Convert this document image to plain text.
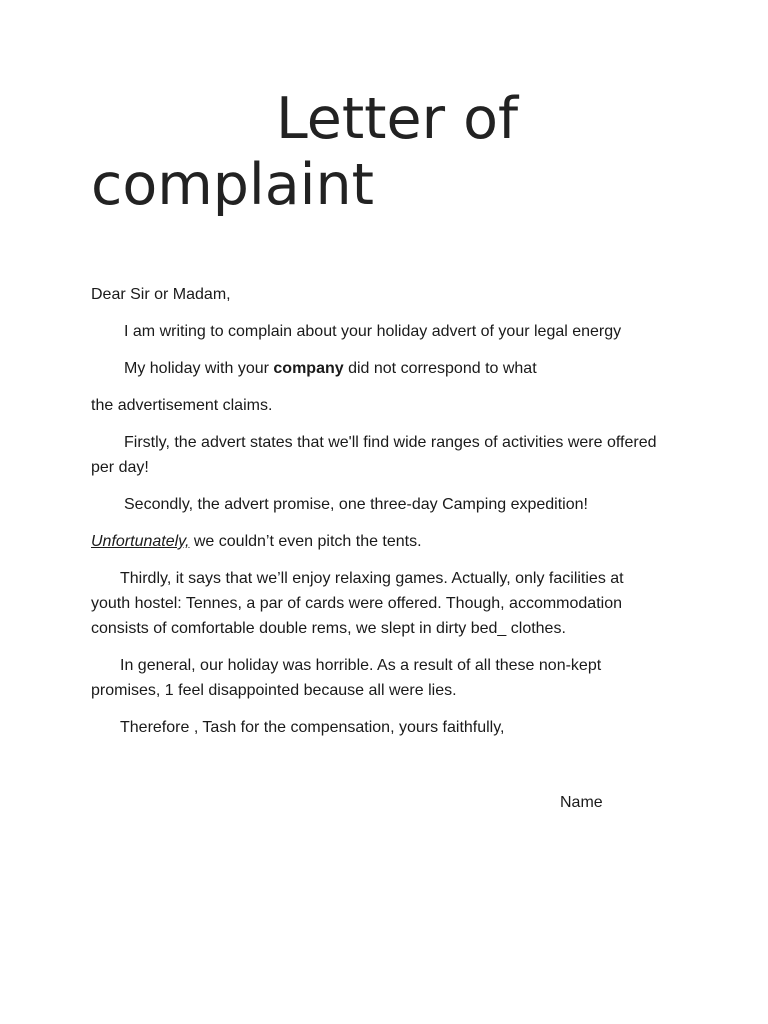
Letter of
complaint

Dear Sir or Madam,

I am writing to complain about your holiday advert of your legal energy

My holiday with your company did not correspond to what

the advertisement claims.

Firstly, the advert states that we'll find wide ranges of activities were offered per day!

Secondly, the advert promise, one three-day Camping expedition!

Unfortunately, we couldn’t even pitch the tents.

Thirdly, it says that we’ll enjoy relaxing games. Actually, only facilities at youth hostel: Tennes, a par of cards were offered. Though, accommodation consists of comfortable double rems, we slept in dirty bed_ clothes.

In general, our holiday was horrible. As a result of all these non-kept promises, 1 feel disappointed because all were lies.

Therefore , Tash for the compensation, yours faithfully,

Name
